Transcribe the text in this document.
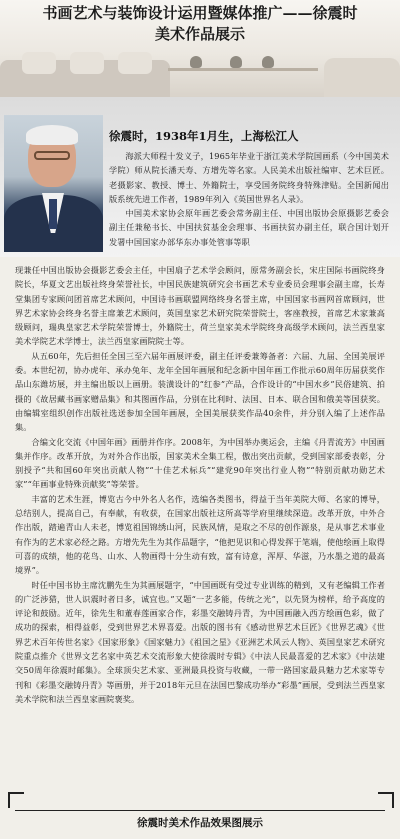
书画艺术与装饰设计运用暨媒体推广——徐震时
美术作品展示
徐震时，1938年1月生，上海松江人

海派大师程十发义子，1965年毕业于浙江美术学院国画系（今中国美术学院）师从院长潘天寿、方增先等名家。人民美术出版社编审、艺术巨匠。老摄影家、教授、博士、外籍院士，享受国务院终身特殊津贴。全国新闻出版系统先进工作者，1989年列入《英国世界名人录》。

中国美术家协会原年画艺委会常务副主任、中国出版协会原摄影艺委会副主任兼秘书长、中国扶贫基金会理事、书画扶贫办副主任，联合国计划开发署中国国家办部华东办事处管事等职

现兼任中国出版协会摄影艺委会主任，中国扇子艺术学会顾问，原常务副会长，宋庄国际书画院终身院长，华夏文艺出版社终身荣誉社长，中国民族建筑研究会书画艺术专业委员会理事会副主席，长寿堂集团专家顾问团首席艺术顾问，中国诗书画联盟网络终身名誉主席，中国国家书画网首席顾问，世界艺术家协会终身名誉主席兼艺术顾问，英国皇家艺术研究院荣誉院士，客座教授，首席艺术家兼高级顾问，瑞典皇家艺术学院荣誉博士，外籍院士，荷兰皇家美术学院终身高级学术顾问，法兰西皇家美术学院艺术学博士，法兰西皇家画院院士等。

从五60年，先后担任全国三至六届年画展评委，副主任评委兼筹备者：六届、九届、全国美展评委。本世纪初，协办虎年、承办兔年、龙年全国年画展和纪念新中国年画工作批示60周年历届获奖作品山东潍坊展，并主编出版以上画册。装潢设计的“红参”产品，合作设计的“中国水乡”民俗建筑、拍摄的《故居藏书画家赠品集》和其图画作品，分别在比利时、法国、日本、联合国和俄美等国获奖。由编辑室组织创作出版社选送参加全国年画展，全国美展获奖作品40余件，并分别入编了上述作品集。

合编文化交流《中国年画》画册并作序。2008年，为中国举办奥运会，主编《丹青流芳》中国画集并作序。改革开放，为对外合作出版，国家美术全集工程，傲出突出贡献，受到国家部委表彰，分别授予“共和国60年突出贡献人物”“十佳艺术标兵”“建党90年突出行业人物”“特别贡献功勋艺术家”“年画事业特殊贡献奖”等荣誉。

丰富的艺术生涯，博览古今中外名人名作，选编各类图书，得益于当年美院大师、名家的博导，总结别人，提高自己，有奉献，有收获，在国家出版社这所高等学府里继续深造。改革开放，中外合作出版，踏遍青山人未老，博览祖国锦绣山河，民族风情，是取之不尽的创作源泉，是从事艺术事业有作为的艺术家必经之路。方增先先生为其作品题字，“他把见识和心得发挥于笔端，使他绘画上取得可喜的成绩，他的花鸟、山水、人物画得十分生动有致，富有诗意，浑厚、华滋，乃水墨之道的最高境界”。

时任中国书协主席沈鹏先生为其画展题字，“中国画既有受过专业训练的精到，又有老编辑工作者的广泛涉猎，世人识震时者日多，诚宜也。”又题“一艺多能，传统之光”，以先贤为榜样，给予高度的评论和鼓励。近年，徐先生和董春莲画家合作，彩墨交融铸丹青，为中国画融入西方绘画色彩，做了成功的探索，相得益彰，受到世界艺术界喜爱。出版的图书有《感动世界艺术巨匠》《世界艺魂》《世界艺术百年传世名家》《国家形象》《国家魅力》《祖国之星》《亚洲艺术风云人物》、英国皇家艺术研究院重点推介《世界文艺名家中英艺术交流形象大使徐震时专辑》《中法人民最喜爱的艺术家》《中法建交50周年徐震时邮集》。全球顶尖艺术家、亚洲最具投资与收藏，一带一路国家最具魅力艺术家等专刊和《彩墨交融铸丹青》等画册，并于2018年元旦在法国巴黎成功举办“彩墨”画展，受到法兰西皇家美术学院和法兰西皇家画院褒奖。

徐震时美术作品效果图展示
